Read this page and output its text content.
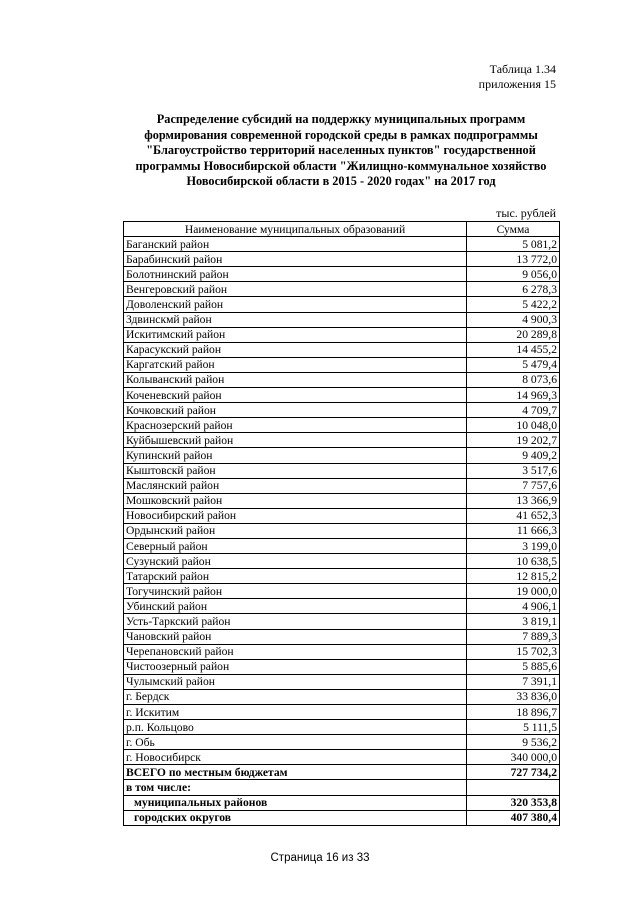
Таблица 1.34
приложения 15
Распределение субсидий на поддержку муниципальных программ
формирования современной городской среды в рамках подпрограммы
"Благоустройство территорий населенных пунктов" государственной
программы Новосибирской области "Жилищно-коммунальное хозяйство
Новосибирской области в 2015 - 2020 годах" на 2017 год
тыс. рублей
Наименование муниципальных образований	Сумма
Баганский район	5 081,2
Барабинский район	13 772,0
Болотнинский район	9 056,0
Венгеровский район	6 278,3
Доволенский район	5 422,2
Здвинскмй район	4 900,3
Искитимский район	20 289,8
Карасукский район	14 455,2
Каргатский район	5 479,4
Колыванский район	8 073,6
Коченевский район	14 969,3
Кочковский район	4 709,7
Краснозерский район	10 048,0
Куйбышевский район	19 202,7
Купинский район	9 409,2
Кыштовскй район	3 517,6
Маслянский район	7 757,6
Мошковский район	13 366,9
Новосибирский район	41 652,3
Ордынский район	11 666,3
Северный район	3 199,0
Сузунский район	10 638,5
Татарский район	12 815,2
Тогучинский район	19 000,0
Убинский район	4 906,1
Усть-Таркский район	3 819,1
Чановский район	7 889,3
Черепановский район	15 702,3
Чистоозерный район	5 885,6
Чулымский район	7 391,1
г. Бердск	33 836,0
г. Искитим	18 896,7
р.п. Кольцово	5 111,5
г. Обь	9 536,2
г. Новосибирск	340 000,0
ВСЕГО по местным бюджетам	727 734,2
в том числе:	
муниципальных районов	320 353,8
городских округов	407 380,4
Страница 16 из 33
